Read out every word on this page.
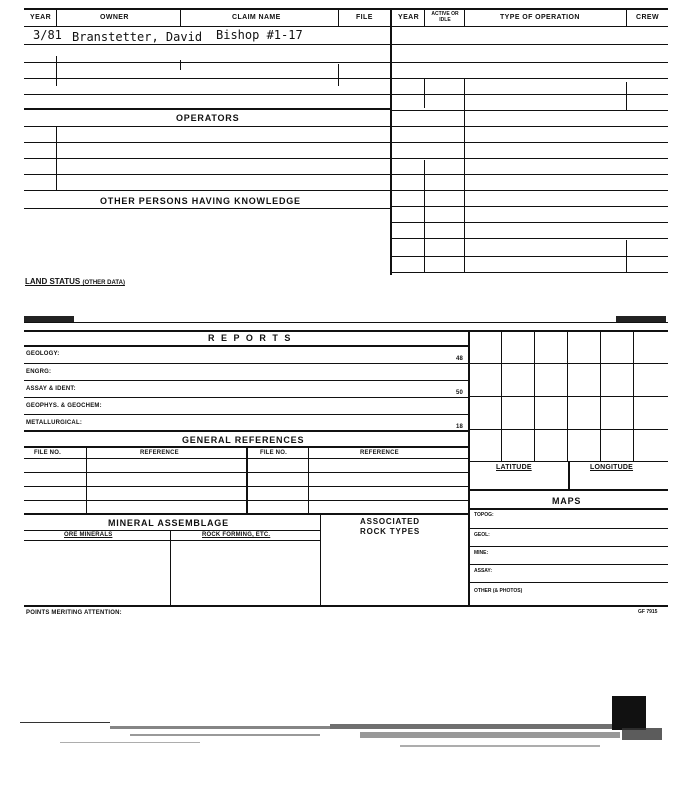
YEAR	OWNER	CLAIM NAME	FILE	YEAR	ACTIVE OR IDLE	TYPE OF OPERATION	CREW
3/81 Branstetter, David Bishop #1-17
OPERATORS
OTHER PERSONS HAVING KNOWLEDGE
LAND STATUS (OTHER DATA)
R E P O R T S
GEOLOGY:
48
ENGRG:
ASSAY & IDENT:
50
GEOPHYS. & GEOCHEM:
METALLURGICAL:
18
GENERAL REFERENCES
FILE NO.	REFERENCE	FILE NO.	REFERENCE
MINERAL ASSEMBLAGE	ASSOCIATED
ROCK TYPES
ORE MINERALS	ROCK FORMING, ETC.
LATITUDE	LONGITUDE
MAPS
TOPOG:
GEOL:
MINE:
ASSAY:
OTHER (& PHOTOS)
POINTS MERITING ATTENTION:	GF 7915
